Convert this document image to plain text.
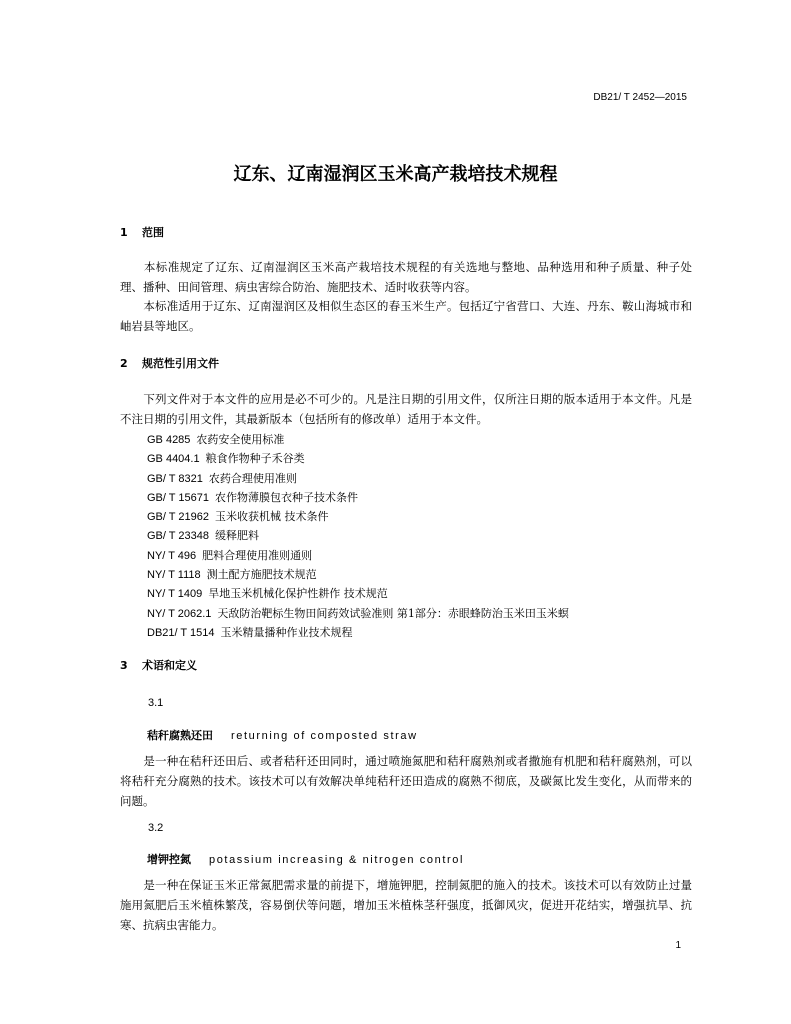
DB21/ T 2452—2015
辽东、辽南湿润区玉米高产栽培技术规程
1 范围
　　本标准规定了辽东、辽南湿润区玉米高产栽培技术规程的有关选地与整地、品种选用和种子质量、种子处理、播种、田间管理、病虫害综合防治、施肥技术、适时收获等内容。
　　本标准适用于辽东、辽南湿润区及相似生态区的春玉米生产。包括辽宁省营口、大连、丹东、鞍山海城市和岫岩县等地区。
2 规范性引用文件
　　下列文件对于本文件的应用是必不可少的。凡是注日期的引用文件，仅所注日期的版本适用于本文件。凡是不注日期的引用文件，其最新版本（包括所有的修改单）适用于本文件。
GB 4285 农药安全使用标准
GB 4404.1 粮食作物种子禾谷类
GB/ T 8321 农药合理使用准则
GB/ T 15671 农作物薄膜包衣种子技术条件
GB/ T 21962 玉米收获机械 技术条件
GB/ T 23348 缓释肥料
NY/ T 496 肥料合理使用准则通则
NY/ T 1118 测土配方施肥技术规范
NY/ T 1409 旱地玉米机械化保护性耕作 技术规范
NY/ T 2062.1 天敌防治靶标生物田间药效试验准则 第1部分：赤眼蜂防治玉米田玉米螟
DB21/ T 1514 玉米精量播种作业技术规程
3 术语和定义
3.1
秸秆腐熟还田 returning of composted straw
　　是一种在秸秆还田后、或者秸秆还田同时，通过喷施氮肥和秸秆腐熟剂或者撒施有机肥和秸秆腐熟剂，可以将秸秆充分腐熟的技术。该技术可以有效解决单纯秸秆还田造成的腐熟不彻底，及碳氮比发生变化，从而带来的问题。
3.2
增钾控氮 potassium increasing & nitrogen control
　　是一种在保证玉米正常氮肥需求量的前提下，增施钾肥，控制氮肥的施入的技术。该技术可以有效防止过量施用氮肥后玉米植株繁茂，容易倒伏等问题，增加玉米植株茎秆强度，抵御风灾，促进开花结实，增强抗旱、抗寒、抗病虫害能力。
1
